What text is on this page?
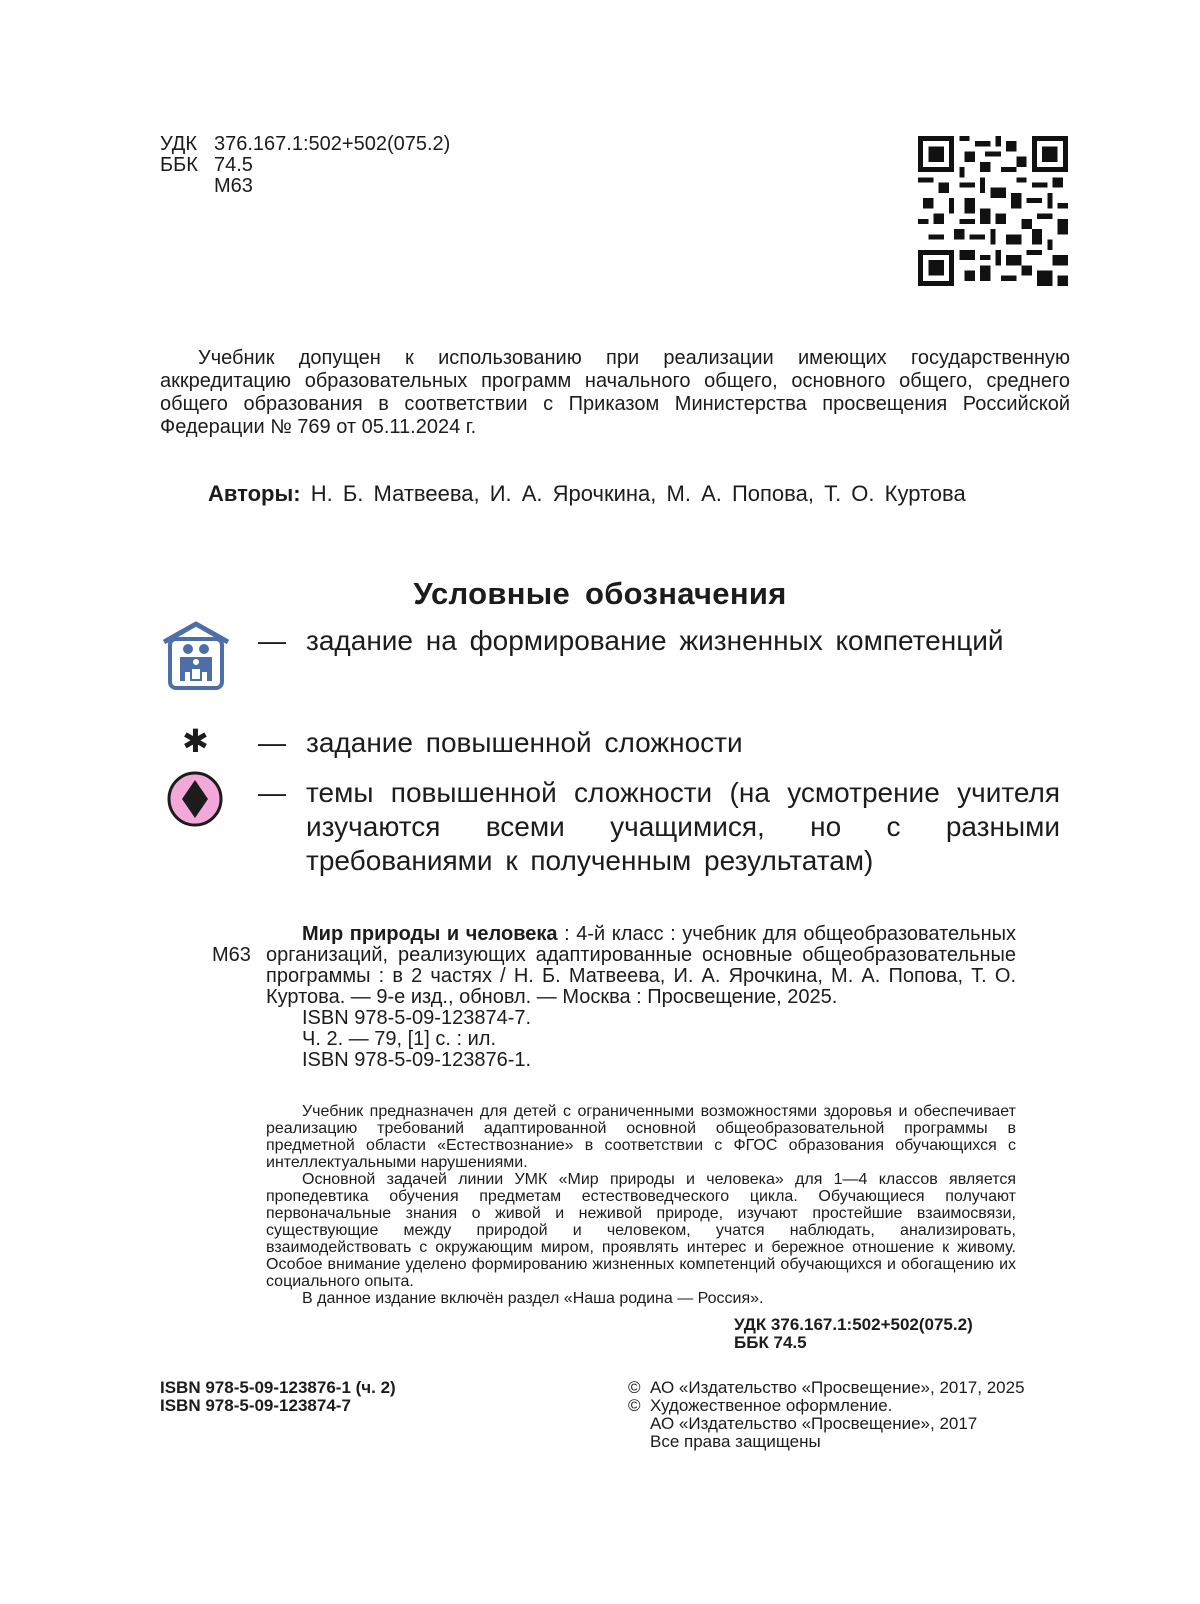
УДК 376.167.1:502+502(075.2)
ББК 74.5
М63
Учебник допущен к использованию при реализации имеющих государственную аккредитацию образовательных программ начального общего, основного общего, среднего общего образования в соответствии с Приказом Министерства просвещения Российской Федерации № 769 от 05.11.2024 г.
Авторы: Н. Б. Матвеева, И. А. Ярочкина, М. А. Попова, Т. О. Куртова
Условные обозначения
— задание на формирование жизненных компетенций
✱ — задание повышенной сложности
— темы повышенной сложности (на усмотрение учителя изучаются всеми учащимися, но с разными требованиями к полученным результатам)
М63
Мир природы и человека : 4-й класс : учебник для общеобразовательных организаций, реализующих адаптированные основные общеобразовательные программы : в 2 частях / Н. Б. Матвеева, И. А. Ярочкина, М. А. Попова, Т. О. Куртова. — 9-е изд., обновл. — Москва : Просвещение, 2025.
ISBN 978-5-09-123874-7.
Ч. 2. — 79, [1] с. : ил.
ISBN 978-5-09-123876-1.
Учебник предназначен для детей с ограниченными возможностями здоровья и обеспечивает реализацию требований адаптированной основной общеобразовательной программы в предметной области «Естествознание» в соответствии с ФГОС образования обучающихся с интеллектуальными нарушениями.
Основной задачей линии УМК «Мир природы и человека» для 1—4 классов является пропедевтика обучения предметам естествоведческого цикла. Обучающиеся получают первоначальные знания о живой и неживой природе, изучают простейшие взаимосвязи, существующие между природой и человеком, учатся наблюдать, анализировать, взаимодействовать с окружающим миром, проявлять интерес и бережное отношение к живому. Особое внимание уделено формированию жизненных компетенций обучающихся и обогащению их социального опыта.
В данное издание включён раздел «Наша родина — Россия».
УДК 376.167.1:502+502(075.2)
ББК 74.5
ISBN 978-5-09-123876-1 (ч. 2)
ISBN 978-5-09-123874-7
© АО «Издательство «Просвещение», 2017, 2025
© Художественное оформление.
АО «Издательство «Просвещение», 2017
Все права защищены
